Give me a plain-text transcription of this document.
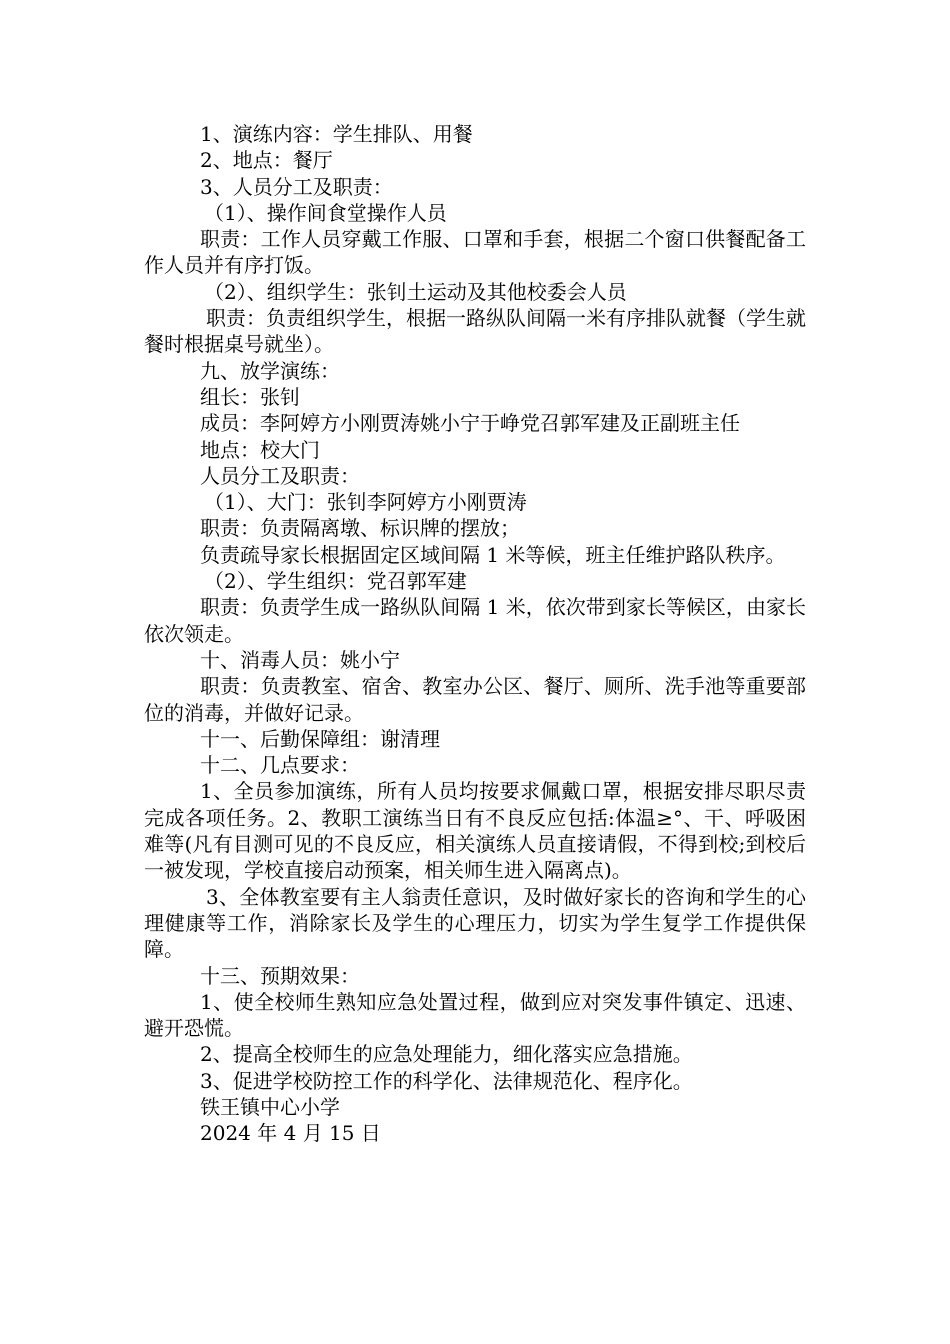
1、演练内容：学生排队、用餐

2、地点：餐厅

3、人员分工及职责：

（1）、操作间食堂操作人员

职责：工作人员穿戴工作服、口罩和手套，根据二个窗口供餐配备工作人员并有序打饭。

（2）、组织学生：张钊土运动及其他校委会人员

职责：负责组织学生，根据一路纵队间隔一米有序排队就餐（学生就餐时根据桌号就坐）。

九、放学演练：

组长：张钊

成员：李阿婷方小刚贾涛姚小宁于峥党召郭军建及正副班主任

地点：校大门

人员分工及职责：

（1）、大门：张钊李阿婷方小刚贾涛

职责：负责隔离墩、标识牌的摆放；

负责疏导家长根据固定区域间隔 1 米等候，班主任维护路队秩序。

（2）、学生组织：党召郭军建

职责：负责学生成一路纵队间隔 1 米，依次带到家长等候区，由家长依次领走。

十、消毒人员：姚小宁

职责：负责教室、宿舍、教室办公区、餐厅、厕所、洗手池等重要部位的消毒，并做好记录。

十一、后勤保障组：谢清理

十二、几点要求：

1、全员参加演练，所有人员均按要求佩戴口罩，根据安排尽职尽责完成各项任务。2、教职工演练当日有不良反应包括:体温≥°、干、呼吸困难等(凡有目测可见的不良反应，相关演练人员直接请假，不得到校;到校后一被发现，学校直接启动预案，相关师生进入隔离点)。

3、全体教室要有主人翁责任意识，及时做好家长的咨询和学生的心理健康等工作，消除家长及学生的心理压力，切实为学生复学工作提供保障。

十三、预期效果：

1、使全校师生熟知应急处置过程，做到应对突发事件镇定、迅速、避开恐慌。

2、提高全校师生的应急处理能力，细化落实应急措施。

3、促进学校防控工作的科学化、法律规范化、程序化。

铁王镇中心小学

2024 年 4 月 15 日
